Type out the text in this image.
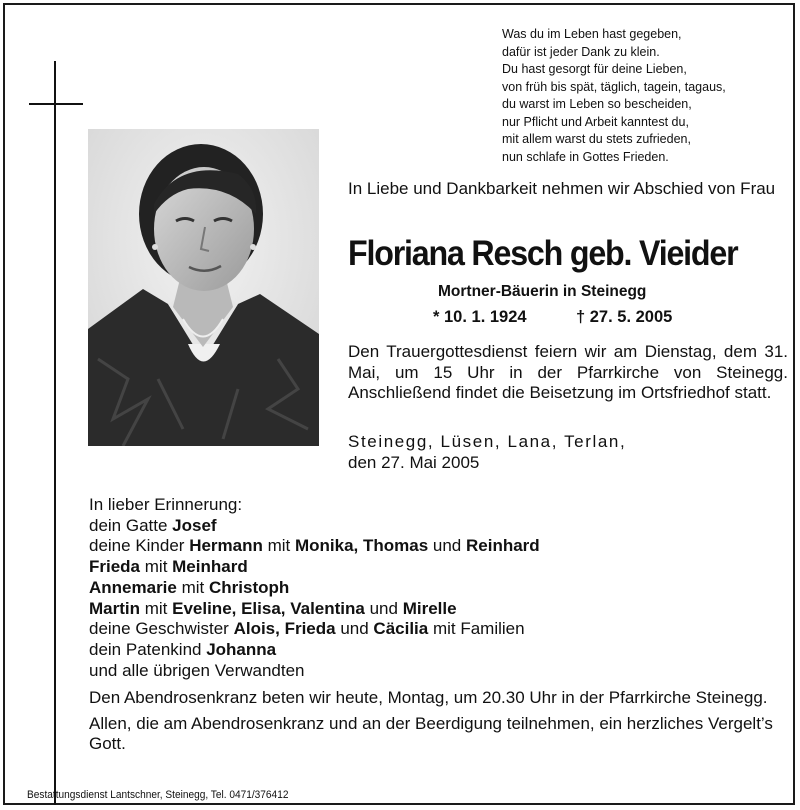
Was du im Leben hast gegeben,
dafür ist jeder Dank zu klein.
Du hast gesorgt für deine Lieben,
von früh bis spät, täglich, tagein, tagaus,
du warst im Leben so bescheiden,
nur Pflicht und Arbeit kanntest du,
mit allem warst du stets zufrieden,
nun schlafe in Gottes Frieden.
In Liebe und Dankbarkeit nehmen wir Abschied von Frau
Floriana Resch geb. Vieider
Mortner-Bäuerin in Steinegg
* 10. 1. 1924	† 27. 5. 2005
Den Trauergottesdienst feiern wir am Dienstag, dem 31. Mai, um 15 Uhr in der Pfarrkirche von Steinegg. Anschließend findet die Beisetzung im Ortsfriedhof statt.
Steinegg, Lüsen, Lana, Terlan,
den 27. Mai 2005
In lieber Erinnerung:
dein Gatte Josef
deine Kinder Hermann mit Monika, Thomas und Reinhard
Frieda mit Meinhard
Annemarie mit Christoph
Martin mit Eveline, Elisa, Valentina und Mirelle
deine Geschwister Alois, Frieda und Cäcilia mit Familien
dein Patenkind Johanna
und alle übrigen Verwandten

Den Abendrosenkranz beten wir heute, Montag, um 20.30 Uhr in der Pfarrkirche Steinegg.

Allen, die am Abendrosenkranz und an der Beerdigung teilnehmen, ein herzliches Vergelt’s Gott.

Bestattungsdienst Lantschner, Steinegg, Tel. 0471/376412
